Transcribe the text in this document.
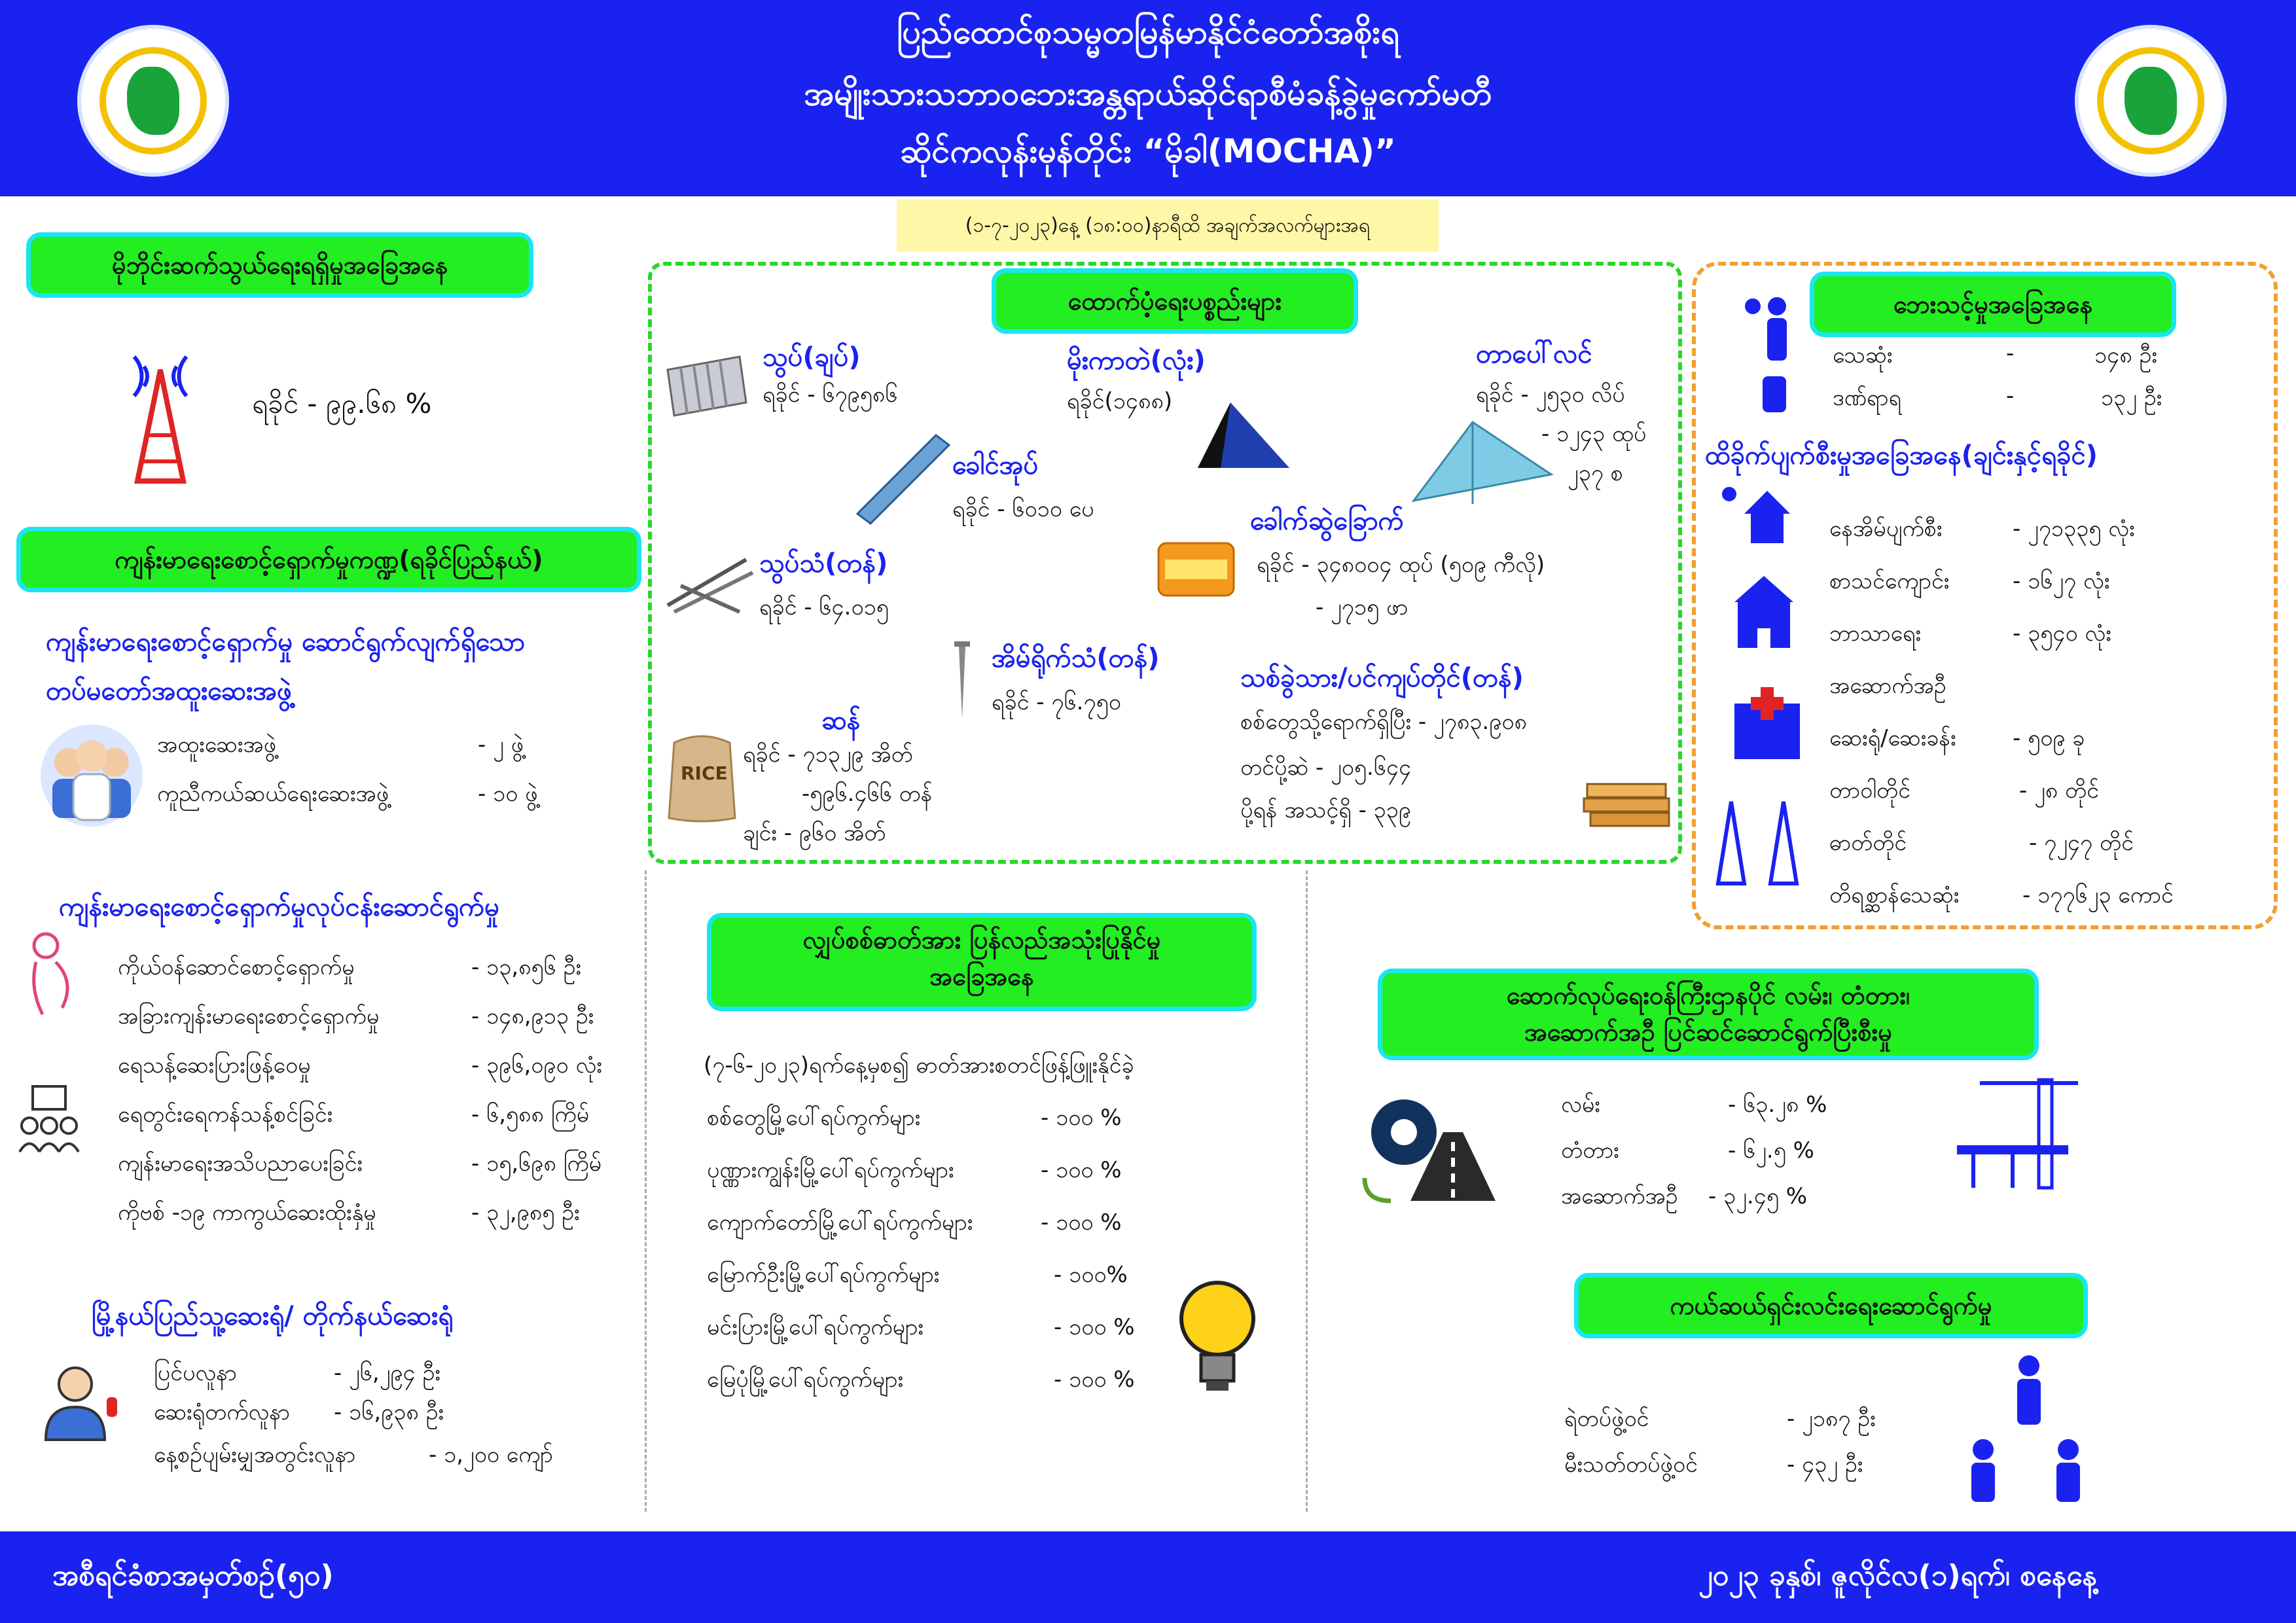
ပြည်ထောင်စုသမ္မတမြန်မာနိုင်ငံတော်အစိုးရ
အမျိုးသားသဘာဝဘေးအန္တရာယ်ဆိုင်ရာစီမံခန့်ခွဲမှုကော်မတီ
ဆိုင်ကလုန်းမုန်တိုင်း “မိုခါ(MOCHA)”
(၁-၇-၂၀၂၃)နေ့ (၁၈:၀၀)နာရီထိ အချက်အလက်များအရ
မိုဘိုင်းဆက်သွယ်ရေးရရှိမှုအခြေအနေ
ရခိုင် - ၉၉.၆၈ %
ကျန်းမာရေးစောင့်ရှောက်မှုကဏ္ဍ(ရခိုင်ပြည်နယ်)
ကျန်းမာရေးစောင့်ရှောက်မှု ဆောင်ရွက်လျက်ရှိသော
တပ်မတော်အထူးဆေးအဖွဲ့
အထူးဆေးအဖွဲ့	- ၂ ဖွဲ့
ကူညီကယ်ဆယ်ရေးဆေးအဖွဲ့	- ၁၀ ဖွဲ့
ကျန်းမာရေးစောင့်ရှောက်မှုလုပ်ငန်းဆောင်ရွက်မှု
ကိုယ်ဝန်ဆောင်စောင့်ရှောက်မှု	- ၁၃,၈၅၆ ဦး
အခြားကျန်းမာရေးစောင့်ရှောက်မှု	- ၁၄၈,၉၁၃ ဦး
ရေသန့်ဆေးပြားဖြန့်ဝေမှု	- ၃၉၆,၀၉၀ လုံး
ရေတွင်းရေကန်သန့်စင်ခြင်း	- ၆,၅၈၈ ကြိမ်
ကျန်းမာရေးအသိပညာပေးခြင်း	- ၁၅,၆၉၈ ကြိမ်
ကိုဗစ် -၁၉ ကာကွယ်ဆေးထိုးနှံမှု	- ၃၂,၉၈၅ ဦး
မြို့နယ်ပြည်သူ့ဆေးရုံ/ တိုက်နယ်ဆေးရုံ
ပြင်ပလူနာ	- ၂၆,၂၉၄ ဦး
ဆေးရုံတက်လူနာ - ၁၆,၉၃၈ ဦး
နေ့စဉ်ပျမ်းမျှအတွင်းလူနာ	- ၁,၂၀၀ ကျော်
ထောက်ပံ့ရေးပစ္စည်းများ
သွပ်(ချပ်)
ရခိုင် - ၆၇၉၅၈၆
မိုးကာတဲ(လုံး)
ရခိုင်(၁၄၈၈)
တာပေါ်လင်
ရခိုင် - ၂၅၃၀ လိပ်
- ၁၂၄၃ ထုပ်
၂၃၇ စ
ခေါင်အုပ်
ရခိုင် - ၆၀၁၀ ပေ	ခေါက်ဆွဲခြောက်
ရခိုင် - ၃၄၈၀၀၄ ထုပ် (၅၀၉ ကီလို)
- ၂၇၁၅ ဖာ
သွပ်သံ(တန်)
ရခိုင် - ၆၄.၀၁၅
အိမ်ရိုက်သံ(တန်)
ရခိုင် - ၇၆.၇၅၀
ဆန်
RICE
ရခိုင် - ၇၁၃၂၉ အိတ်
-၅၉၆.၄၆၆ တန်
ချင်း - ၉၆၀ အိတ်
သစ်ခွဲသား/ပင်ကျပ်တိုင်(တန်)
စစ်တွေသို့ရောက်ရှိပြီး - ၂၇၈၃.၉၀၈
တင်ပို့ဆဲ - ၂၀၅.၆၄၄
ပို့ရန် အသင့်ရှိ - ၃၃၉
ဘေးသင့်မှုအခြေအနေ
သေဆုံး	-	၁၄၈ ဦး
ဒဏ်ရာရ	-	၁၃၂ ဦး
ထိခိုက်ပျက်စီးမှုအခြေအနေ(ချင်းနှင့်ရခိုင်)
နေအိမ်ပျက်စီး	- ၂၇၁၃၃၅ လုံး
စာသင်ကျောင်း	- ၁၆၂၇ လုံး
ဘာသာရေး	- ၃၅၄၀ လုံး
အဆောက်အဦ
ဆေးရုံ/ဆေးခန်း	- ၅၀၉ ခု
တာဝါတိုင်	- ၂၈ တိုင်
ဓာတ်တိုင်	- ၇၂၄၇ တိုင်
တိရစ္ဆာန်သေဆုံး	- ၁၇၇၆၂၃ ကောင်
လျှပ်စစ်ဓာတ်အား ပြန်လည်အသုံးပြုနိုင်မှု
အခြေအနေ
(၇-၆-၂၀၂၃)ရက်နေ့မှစ၍ ဓာတ်အားစတင်ဖြန့်ဖြူးနိုင်ခဲ့
စစ်တွေမြို့ပေါ်ရပ်ကွက်များ	- ၁၀၀ %
ပုဏ္ဏားကျွန်းမြို့ပေါ်ရပ်ကွက်များ	- ၁၀၀ %
ကျောက်တော်မြို့ပေါ်ရပ်ကွက်များ	- ၁၀၀ %
မြောက်ဦးမြို့ပေါ်ရပ်ကွက်များ	- ၁၀၀%
မင်းပြားမြို့ပေါ်ရပ်ကွက်များ	- ၁၀၀ %
မြေပုံမြို့ပေါ်ရပ်ကွက်များ	- ၁၀၀ %
ဆောက်လုပ်ရေးဝန်ကြီးဌာနပိုင် လမ်း၊ တံတား၊
အဆောက်အဦ ပြင်ဆင်ဆောင်ရွက်ပြီးစီးမှု
လမ်း	- ၆၃.၂၈ %
တံတား	- ၆၂.၅ %
အဆောက်အဦ - ၃၂.၄၅ %
ကယ်ဆယ်ရှင်းလင်းရေးဆောင်ရွက်မှု
ရဲတပ်ဖွဲ့ဝင်	- ၂၁၈၇ ဦး
မီးသတ်တပ်ဖွဲ့ဝင်	- ၄၃၂ ဦး
အစီရင်ခံစာအမှတ်စဉ်(၅၀)	၂၀၂၃ ခုနှစ်၊ ဇူလိုင်လ(၁)ရက်၊ စနေနေ့
